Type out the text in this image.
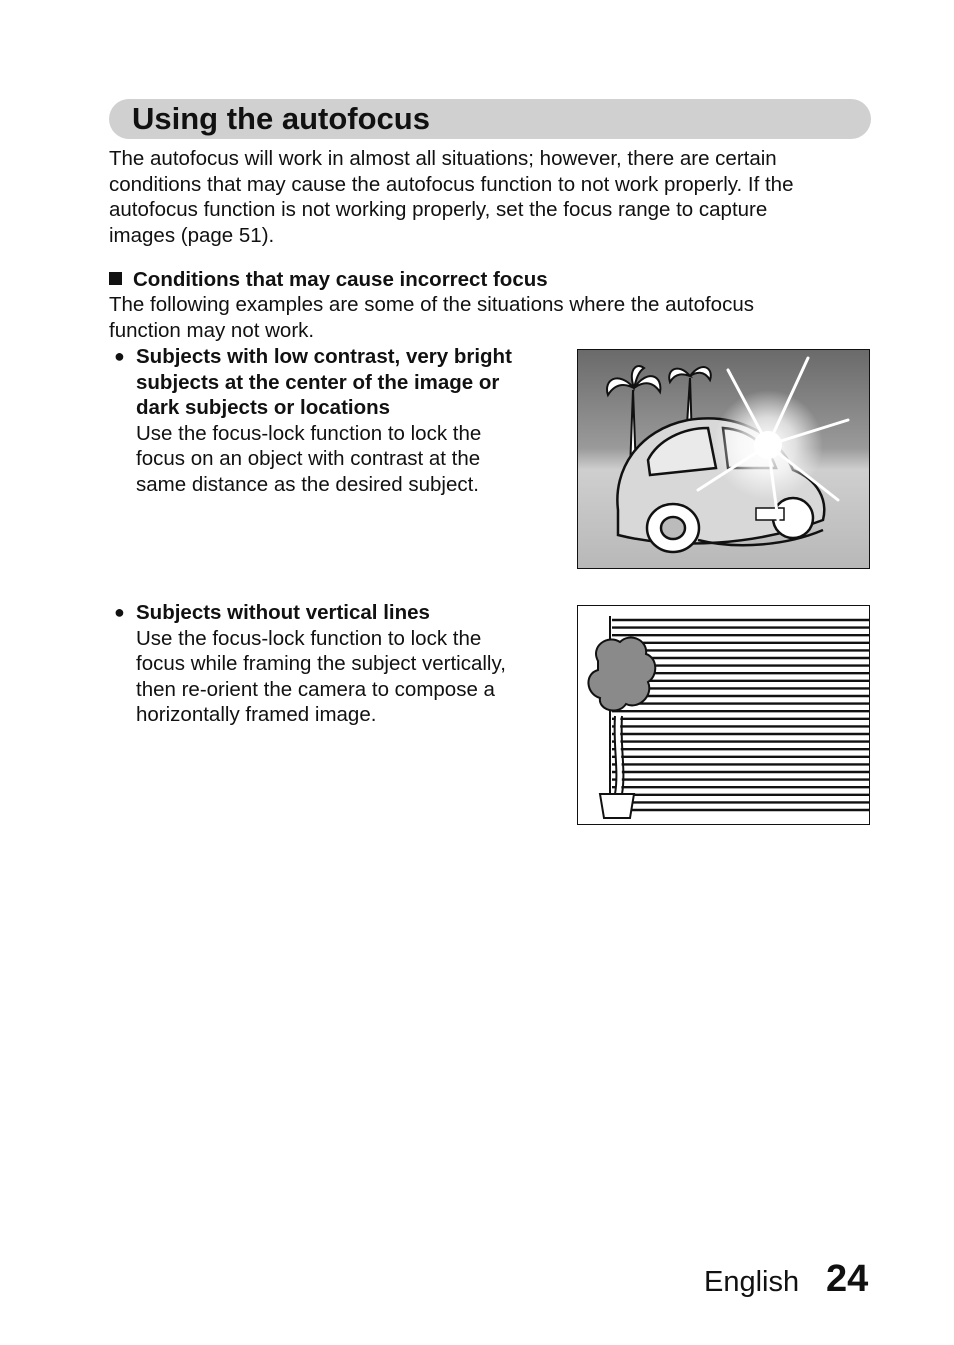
Using the autofocus
The autofocus will work in almost all situations; however, there are certain
conditions that may cause the autofocus function to not work properly. If the
autofocus function is not working properly, set the focus range to capture
images (page 51).
Conditions that may cause incorrect focus
The following examples are some of the situations where the autofocus
function may not work.
● Subjects with low contrast, very bright
subjects at the center of the image or
dark subjects or locations
Use the focus-lock function to lock the
focus on an object with contrast at the
same distance as the desired subject.
● Subjects without vertical lines
Use the focus-lock function to lock the
focus while framing the subject vertically,
then re-orient the camera to compose a
horizontally framed image.
English 24
